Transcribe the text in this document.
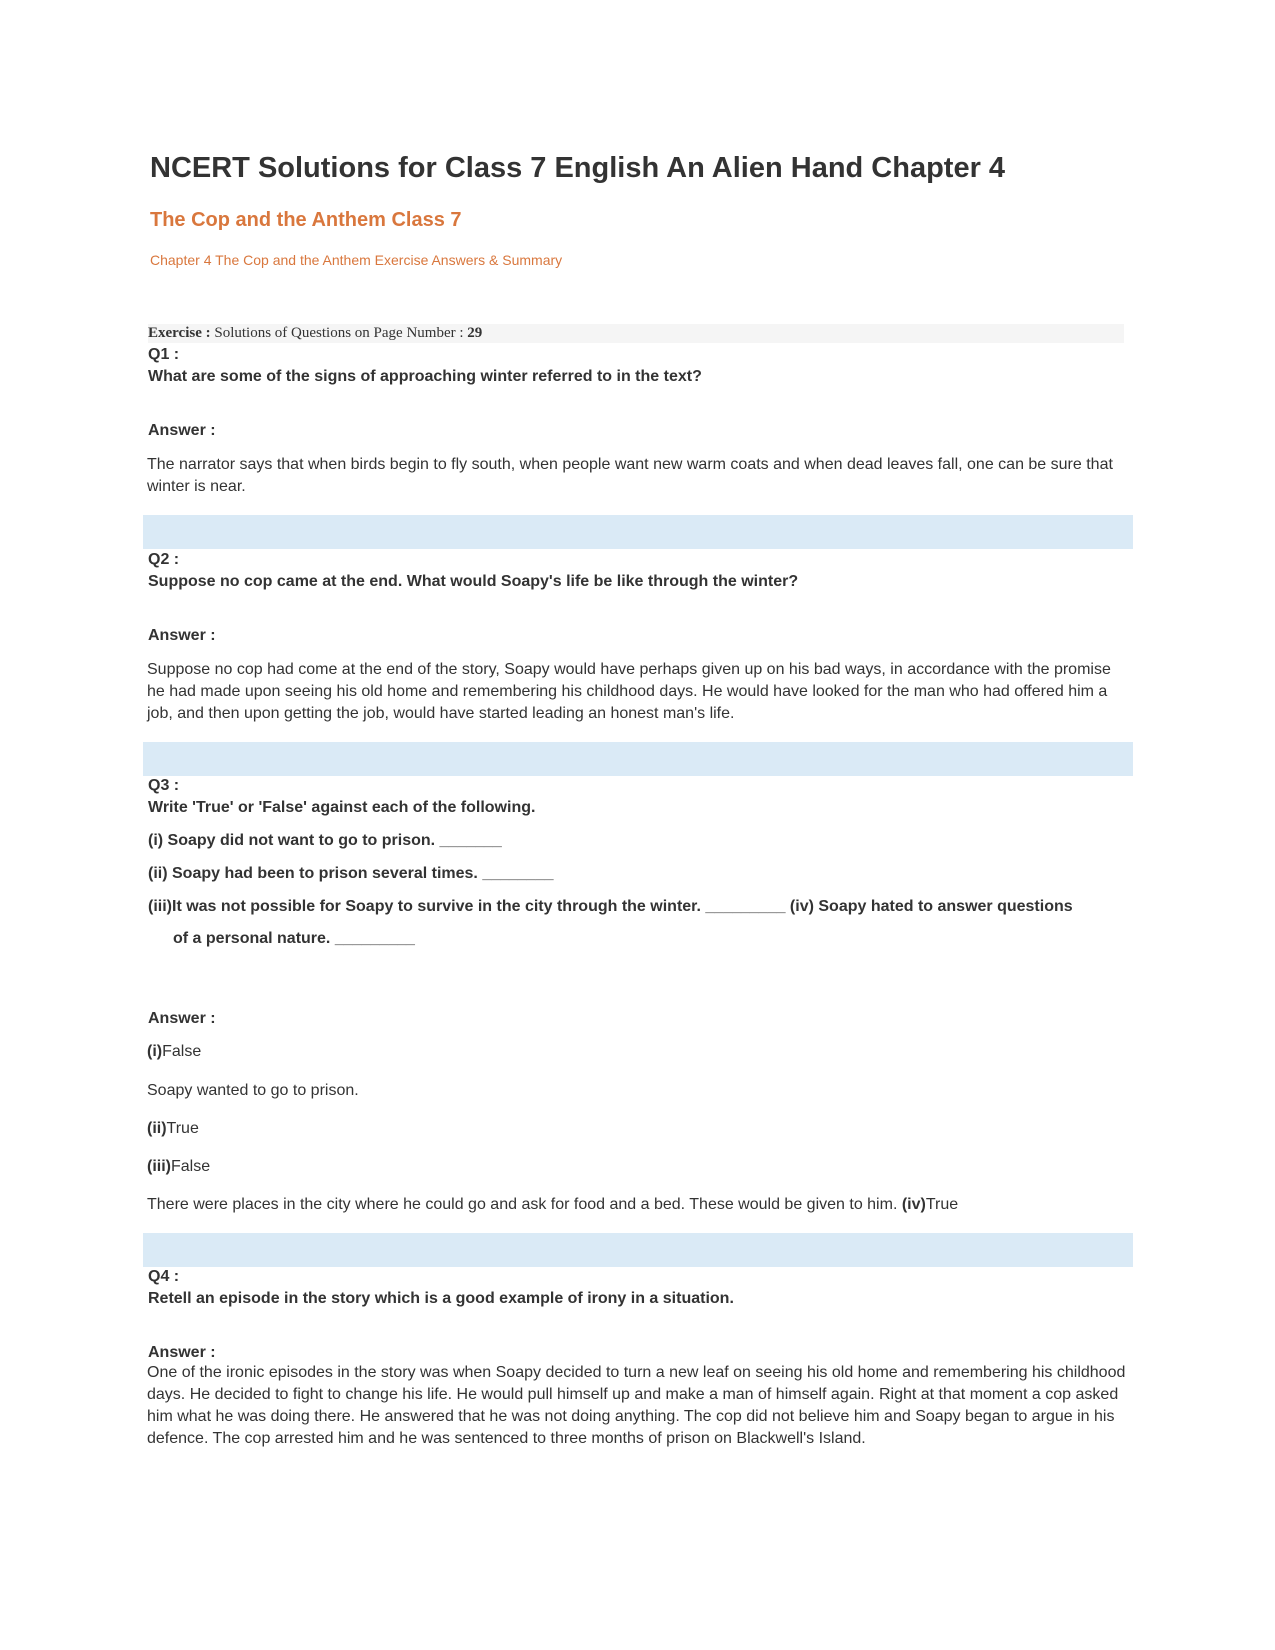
NCERT Solutions for Class 7 English An Alien Hand Chapter 4
The Cop and the Anthem Class 7
Chapter 4 The Cop and the Anthem Exercise Answers & Summary
Exercise : Solutions of Questions on Page Number : 29
Q1 :
What are some of the signs of approaching winter referred to in the text?
Answer :
The narrator says that when birds begin to fly south, when people want new warm coats and when dead leaves fall, one can be sure that winter is near.
Q2 :
Suppose no cop came at the end. What would Soapy's life be like through the winter?
Answer :
Suppose no cop had come at the end of the story, Soapy would have perhaps given up on his bad ways, in accordance with the promise he had made upon seeing his old home and remembering his childhood days. He would have looked for the man who had offered him a job, and then upon getting the job, would have started leading an honest man's life.
Q3 :
Write 'True' or 'False' against each of the following.
(i) Soapy did not want to go to prison. _______
(ii) Soapy had been to prison several times. ________
(iii)It was not possible for Soapy to survive in the city through the winter. _________ (iv) Soapy hated to answer questions
of a personal nature. _________
Answer :
(i)False
Soapy wanted to go to prison.
(ii)True
(iii)False
There were places in the city where he could go and ask for food and a bed. These would be given to him. (iv)True
Q4 :
Retell an episode in the story which is a good example of irony in a situation.
Answer :
One of the ironic episodes in the story was when Soapy decided to turn a new leaf on seeing his old home and remembering his childhood days. He decided to fight to change his life. He would pull himself up and make a man of himself again. Right at that moment a cop asked him what he was doing there. He answered that he was not doing anything. The cop did not believe him and Soapy began to argue in his defence. The cop arrested him and he was sentenced to three months of prison on Blackwell's Island.
